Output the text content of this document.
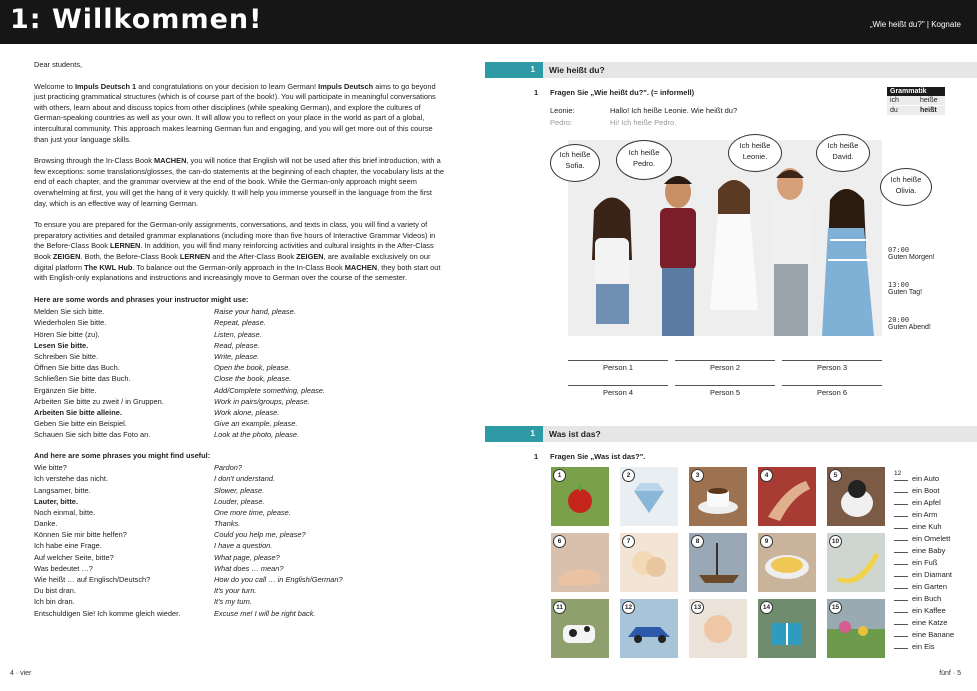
1: Willkommen!	„Wie heißt du?" | Kognate

Dear students,

Welcome to Impuls Deutsch 1 and congratulations on your decision to learn German! Impuls Deutsch aims to go beyond just practicing grammatical structures (which is of course part of the book!). You will participate in meaningful conversations with others, learn about and discuss topics from other disciplines (while speaking German), and explore the cultures of German-speaking countries as well as your own. It will allow you to reflect on your place in the world as part of a global, intercultural community. This approach makes learning German fun and engaging, and you will get more out of this course than just your language skills.

Browsing through the In-Class Book MACHEN, you will notice that English will not be used after this brief introduction, with a few exceptions: some translations/glosses, the can-do statements at the beginning of each chapter, the vocabulary lists at the end of each chapter, and the grammar overview at the end of the book. While the German-only approach might seem overwhelming at first, you will get the hang of it very quickly. It will help you immerse yourself in the language from the first day, which is an effective way of learning German.

To ensure you are prepared for the German-only assignments, conversations, and texts in class, you will find a variety of preparatory activities and detailed grammar explanations (including more than five hours of Interactive Grammar Videos) in the Before-Class Book LERNEN. In addition, you will find many reinforcing activities and cultural insights in the After-Class Book ZEIGEN. Both, the Before-Class Book LERNEN and the After-Class Book ZEIGEN, are available exclusively on our digital platform The KWL Hub. To balance out the German-only approach in the In-Class Book MACHEN, they both start out with English-only explanations and instructions and increasingly move to German over the course of the semester.

Here are some words and phrases your instructor might use:
Melden Sie sich bitte.	Raise your hand, please.
Wiederholen Sie bitte.	Repeat, please.
Hören Sie bitte (zu).	Listen, please.
Lesen Sie bitte.	Read, please.
Schreiben Sie bitte.	Write, please.
Öffnen Sie bitte das Buch.	Open the book, please.
Schließen Sie bitte das Buch.	Close the book, please.
Ergänzen Sie bitte.	Add/Complete something, please.
Arbeiten Sie bitte zu zweit / in Gruppen.	Work in pairs/groups, please.
Arbeiten Sie bitte alleine.	Work alone, please.
Geben Sie bitte ein Beispiel.	Give an example, please.
Schauen Sie sich bitte das Foto an.	Look at the photo, please.
And here are some phrases you might find useful:
Wie bitte?	Pardon?
Ich verstehe das nicht.	I don't understand.
Langsamer, bitte.	Slower, please.
Lauter, bitte.	Louder, please.
Noch einmal, bitte.	One more time, please.
Danke.	Thanks.
Können Sie mir bitte helfen?	Could you help me, please?
Ich habe eine Frage.	I have a question.
Auf welcher Seite, bitte?	What page, please?
Was bedeutet …?	What does … mean?
Wie heißt … auf Englisch/Deutsch?	How do you call … in English/German?
Du bist dran.	It's your turn.
Ich bin dran.	It's my turn.
Entschuldigen Sie! Ich komme gleich wieder.	Excuse me! I will be right back.
4 · vier	fünf · 5
1	Wie heißt du?
1 Fragen Sie „Wie heißt du?". (= informell)
Leonie:	Hallo! Ich heiße Leonie. Wie heißt du?
Pedro:	Hi! Ich heiße Pedro.
Grammatik
ich	heiße
du	heißt
Ich heiße Sofia.
Ich heiße Pedro.
Ich heiße Leonie.
Ich heiße David.
Ich heiße Olivia.
07:00
Guten Morgen!
13:00
Guten Tag!
20:00
Guten Abend!
Person 1	Person 2	Person 3
Person 4	Person 5	Person 6
1	Was ist das?
1 Fragen Sie „Was ist das?".
1	2	3	4	5
6	7	8	9	10
11	12	13	14	15
12
ein Auto
ein Boot
ein Apfel
ein Arm
eine Kuh
ein Omelett
eine Baby
ein Fuß
ein Diamant
ein Garten
ein Buch
ein Kaffee
eine Katze
eine Banane
ein Eis
